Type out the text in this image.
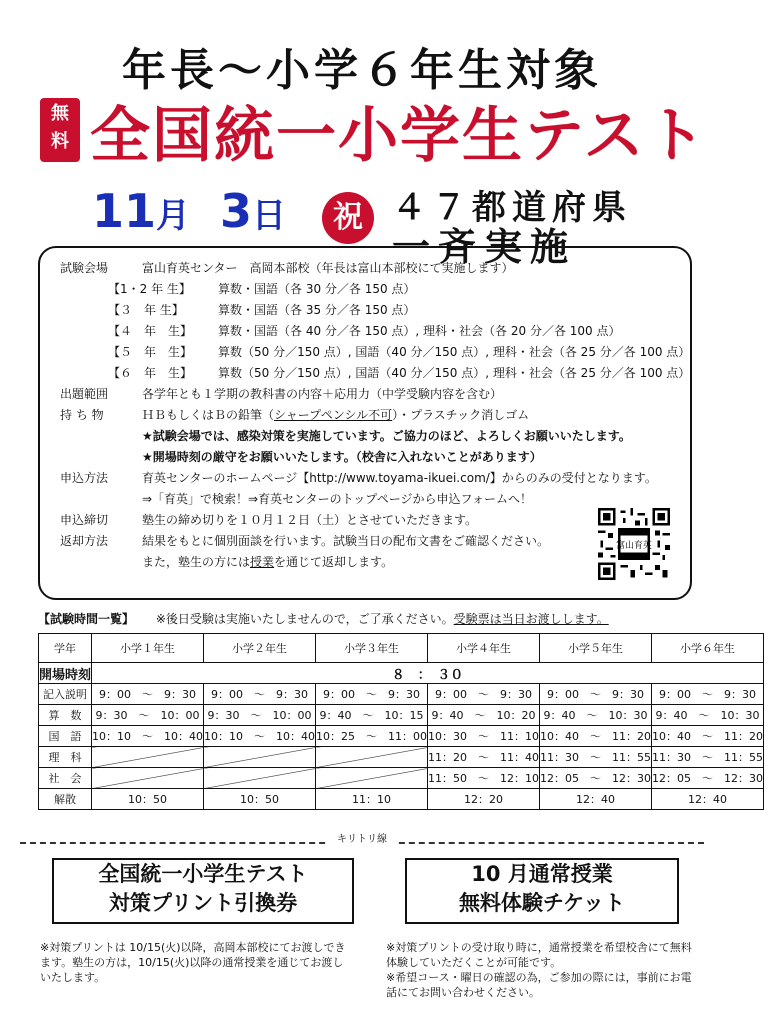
年長～小学６年生対象
無
料 全国統一小学生テスト
11月 3日	祝 ４７都道府県
一斉実施
試験会場	富山育英センター　高岡本部校（年長は富山本部校にて実施します）
【1・2 年 生】 算数・国語（各 30 分／各 150 点）
【３　年 生】	算数・国語（各 35 分／各 150 点）
【４　年　生】 算数・国語（各 40 分／各 150 点）, 理科・社会（各 20 分／各 100 点）
【５　年　生】 算数（50 分／150 点）, 国語（40 分／150 点）, 理科・社会（各 25 分／各 100 点）
【６　年　生】 算数（50 分／150 点）, 国語（40 分／150 点）, 理科・社会（各 25 分／各 100 点）
出題範囲	各学年とも１学期の教科書の内容＋応用力（中学受験内容を含む）
持 ち 物	ＨＢもしくはＢの鉛筆（シャープペンシル不可）・プラスチック消しゴム
★試験会場では、感染対策を実施しています。ご協力のほど、よろしくお願いいたします。
★開場時刻の厳守をお願いいたします。（校舎に入れないことがあります）
申込方法	育英センターのホームページ【http://www.toyama-ikuei.com/】からのみの受付となります。
⇒「育英」で検索！⇒育英センターのトップページから申込フォームへ！
申込締切	塾生の締め切りを１０月１２日（土）とさせていただきます。
返却方法	結果をもとに個別面談を行います。試験当日の配布文書をご確認ください。
また，塾生の方には授業を通じて返却します。
富山育英
【試験時間一覧】 ※後日受験は実施いたしませんので，ご了承ください。受験票は当日お渡しします。
学年	小学１年生	小学２年生	小学３年生	小学４年生	小学５年生	小学６年生
開場時刻	８　：　３０					
記入説明	9：00　～　9：30	9：00　～　9：30	9：00　～　9：30	9：00　～　9：30	9：00　～　9：30	9：00　～　9：30
算　数	9：30　～　10：00	9：30　～　10：00	9：40　～　10：15	9：40　～　10：20	9：40　～　10：30	9：40　～　10：30
国　語	10：10　～　10：40	10：10　～　10：40	10：25　～　11：00	10：30　～　11：10	10：40　～　11：20	10：40　～　11：20
理　科				11：20　～　11：40	11：30　～　11：55	11：30　～　11：55
社　会				11：50　～　12：10	12：05　～　12：30	12：05　～　12：30
解散	10：50	10：50	11：10	12：20	12：40	12：40
キリトリ線
全国統一小学生テスト
対策プリント引換券
※対策プリントは 10/15(火)以降，高岡本部校にてお渡しできます。塾生の方は，10/15(火)以降の通常授業を通じてお渡しいたします。
10 月通常授業
無料体験チケット
※対策プリントの受け取り時に，通常授業を希望校舎にて無料体験していただくことが可能です。
※希望コース・曜日の確認の為，ご参加の際には，事前にお電話にてお問い合わせください。
